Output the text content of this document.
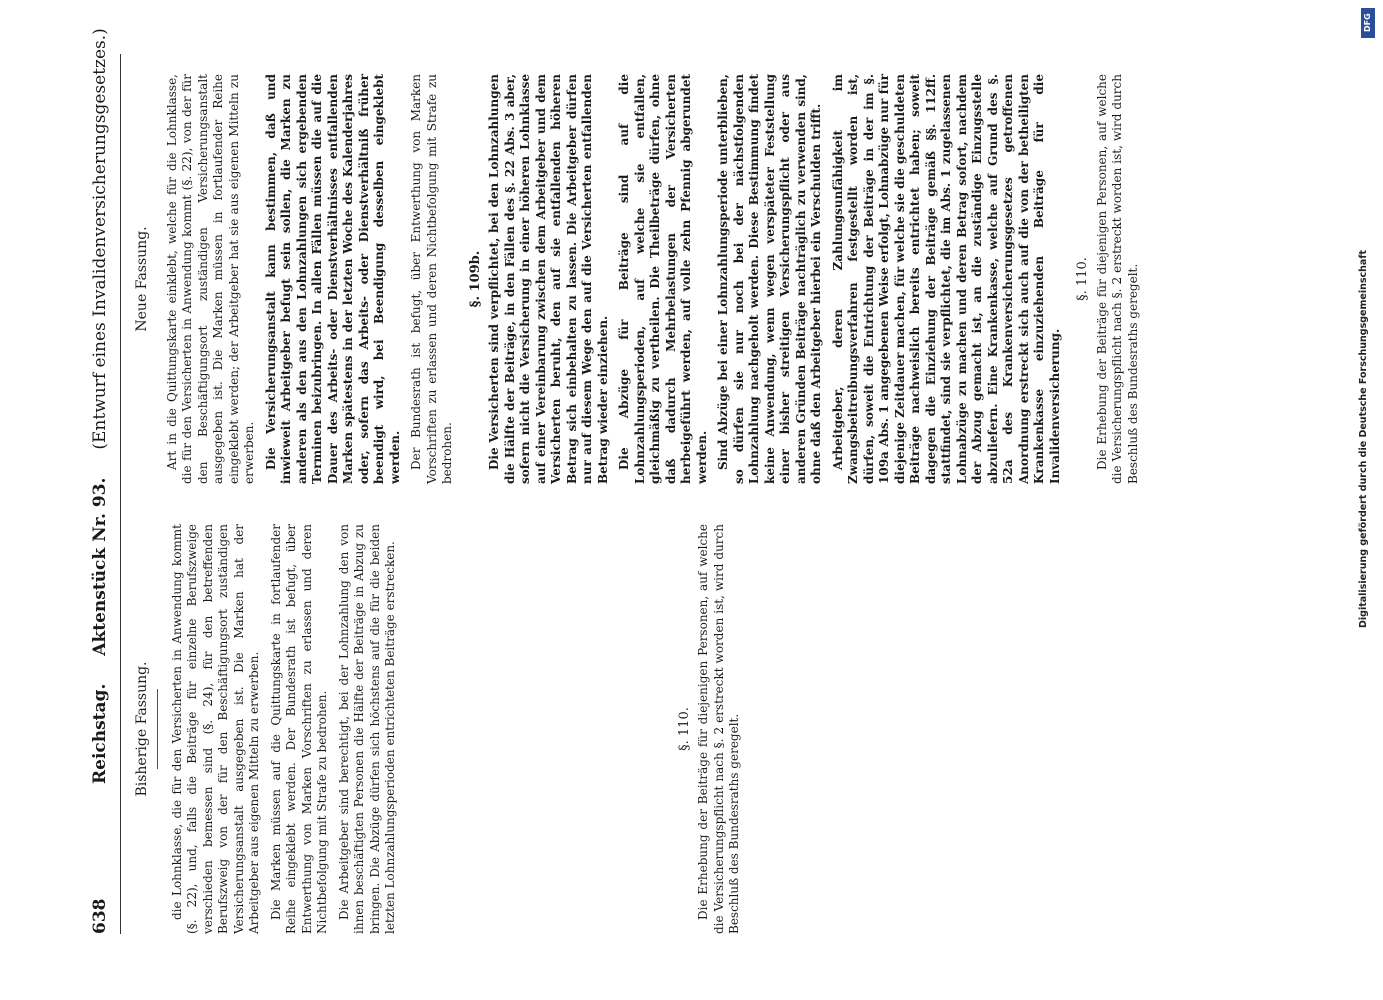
638
Reichstag. Aktenstück Nr. 93. (Entwurf eines Invalidenversicherungsgesetzes.)
Bisherige Fassung. die Lohnklasse, die für den Versicherten in Anwendung kommt (§. 22), und, falls die Beiträge für einzelne Berufszweige verschieden bemessen sind (§. 24), für den betreffenden Berufszweig von der für den Beschäftigungsort zuständigen Versicherungsanstalt ausgegeben ist. Die Marken hat der Arbeitgeber aus eigenen Mitteln zu erwerben. Die Marken müssen auf die Quittungskarte in fortlaufender Reihe eingeklebt werden. Der Bundesrath ist befugt, über Entwerthung von Marken Vorschriften zu erlassen und deren Nichtbefolgung mit Strafe zu bedrohen. Die Arbeitgeber sind berechtigt, bei der Lohnzahlung den von ihnen beschäftigten Personen die Hälfte der Beiträge in Abzug zu bringen. Die Abzüge dürfen sich höchstens auf die für die beiden letzten Lohnzahlungsperioden entrichteten Beiträge erstrecken.	§. 110. Die Erhebung der Beiträge für diejenigen Personen, auf welche die Versicherungspflicht nach §. 2 erstreckt worden ist, wird durch Beschluß des Bundesraths geregelt.

Neue Fassung. Art in die Quittungskarte einklebt, welche für die Lohnklasse, die für den Versicherten in Anwendung kommt (§. 22), von der für den Beschäftigungsort zuständigen Versicherungsanstalt ausgegeben ist. Die Marken müssen in fortlaufender Reihe eingeklebt werden; der Arbeitgeber hat sie aus eigenen Mitteln zu erwerben. Die Versicherungsanstalt kann bestimmen, daß und inwieweit Arbeitgeber befugt sein sollen, die Marken zu anderen als den aus den Lohnzahlungen sich ergebenden Terminen beizubringen. In allen Fällen müssen die auf die Dauer des Arbeits- oder Dienstverhältnisses entfallenden Marken spätestens in der letzten Woche des Kalenderjahres oder, sofern das Arbeits- oder Dienstverhältniß früher beendigt wird, bei Beendigung desselben eingeklebt werden. Der Bundesrath ist befugt, über Entwerthung von Marken Vorschriften zu erlassen und deren Nichtbefolgung mit Strafe zu bedrohen.

§. 109b. Die Versicherten sind verpflichtet, bei den Lohnzahlungen die Hälfte der Beiträge, in den Fällen des §. 22 Abs. 3 aber, sofern nicht die Versicherung in einer höheren Lohnklasse auf einer Vereinbarung zwischen dem Arbeitgeber und dem Versicherten beruht, den auf sie entfallenden höheren Betrag sich einbehalten zu lassen. Die Arbeitgeber dürfen nur auf diesem Wege den auf die Versicherten entfallenden Betrag wieder einziehen. Die Abzüge für Beiträge sind auf die Lohnzahlungsperioden, auf welche sie entfallen, gleichmäßig zu vertheilen. Die Theilbeträge dürfen, ohne daß dadurch Mehrbelastungen der Versicherten herbeigeführt werden, auf volle zehn Pfennig abgerundet werden. Sind Abzüge bei einer Lohnzahlungsperiode unterblieben, so dürfen sie nur noch bei der nächstfolgenden Lohnzahlung nachgeholt werden. Diese Bestimmung findet keine Anwendung, wenn wegen verspäteter Feststellung einer bisher streitigen Versicherungspflicht oder aus anderen Gründen Beiträge nachträglich zu verwenden sind, ohne daß den Arbeitgeber hierbei ein Verschulden trifft. Arbeitgeber, deren Zahlungsunfähigkeit im Zwangsbeitreibungsverfahren festgestellt worden ist, dürfen, soweit die Entrichtung der Beiträge in der im §. 109a Abs. 1 angegebenen Weise erfolgt, Lohnabzüge nur für diejenige Zeitdauer machen, für welche sie die geschuldeten Beiträge nachweislich bereits entrichtet haben; soweit dagegen die Einziehung der Beiträge gemäß §§. 112ff. stattfindet, sind sie verpflichtet, die im Abs. 1 zugelassenen Lohnabzüge zu machen und deren Betrag sofort, nachdem der Abzug gemacht ist, an die zuständige Einzugsstelle abzuliefern. Eine Krankenkasse, welche auf Grund des §. 52a des Krankenversicherungsgesetzes getroffenen Anordnung erstreckt sich auch auf die von der betheiligten Krankenkasse einzuziehenden Beiträge für die Invalidenversicherung.

§. 110. Die Erhebung der Beiträge für diejenigen Personen, auf welche die Versicherungspflicht nach §. 2 erstreckt worden ist, wird durch Beschluß des Bundesraths geregelt.

DFG
Digitalisierung gefördert durch die Deutsche Forschungsgemeinschaft
